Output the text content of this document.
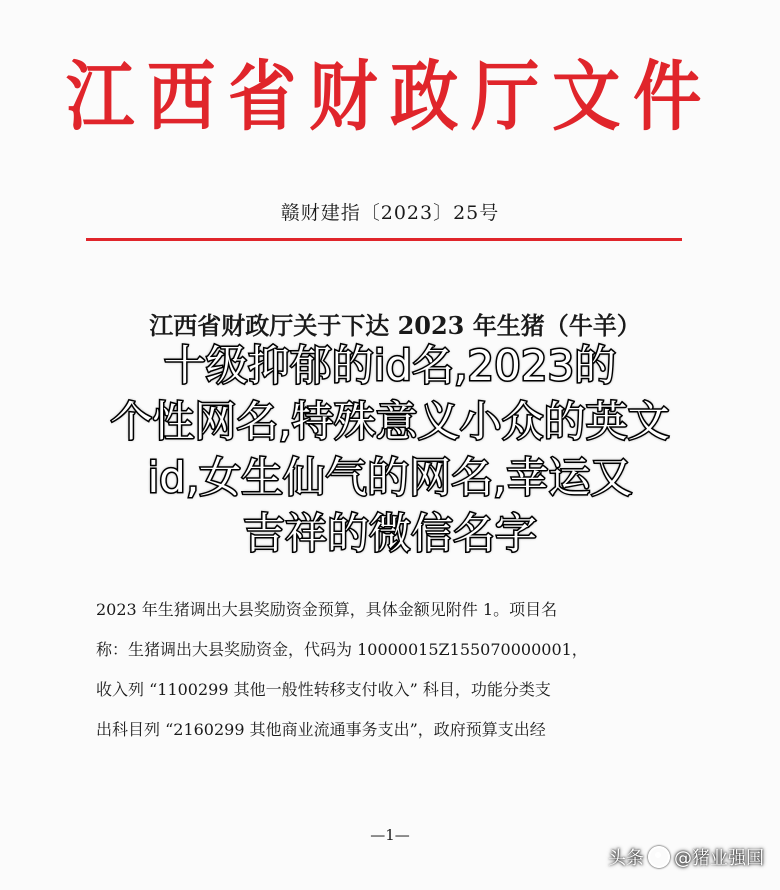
江西省财政厅文件
赣财建指〔2023〕25号
江西省财政厅关于下达 2023 年生猪（牛羊）
2023 年生猪调出大县奖励资金预算，具体金额见附件 1。项目名
称：生猪调出大县奖励资金，代码为 10000015Z155070000001，
收入列 “1100299 其他一般性转移支付收入” 科目，功能分类支
出科目列 “2160299 其他商业流通事务支出”，政府预算支出经
—1—
十级抑郁的id名,2023的
个性网名,特殊意义小众的英文
id,女生仙气的网名,幸运又
吉祥的微信名字
头条 @猪业强国
